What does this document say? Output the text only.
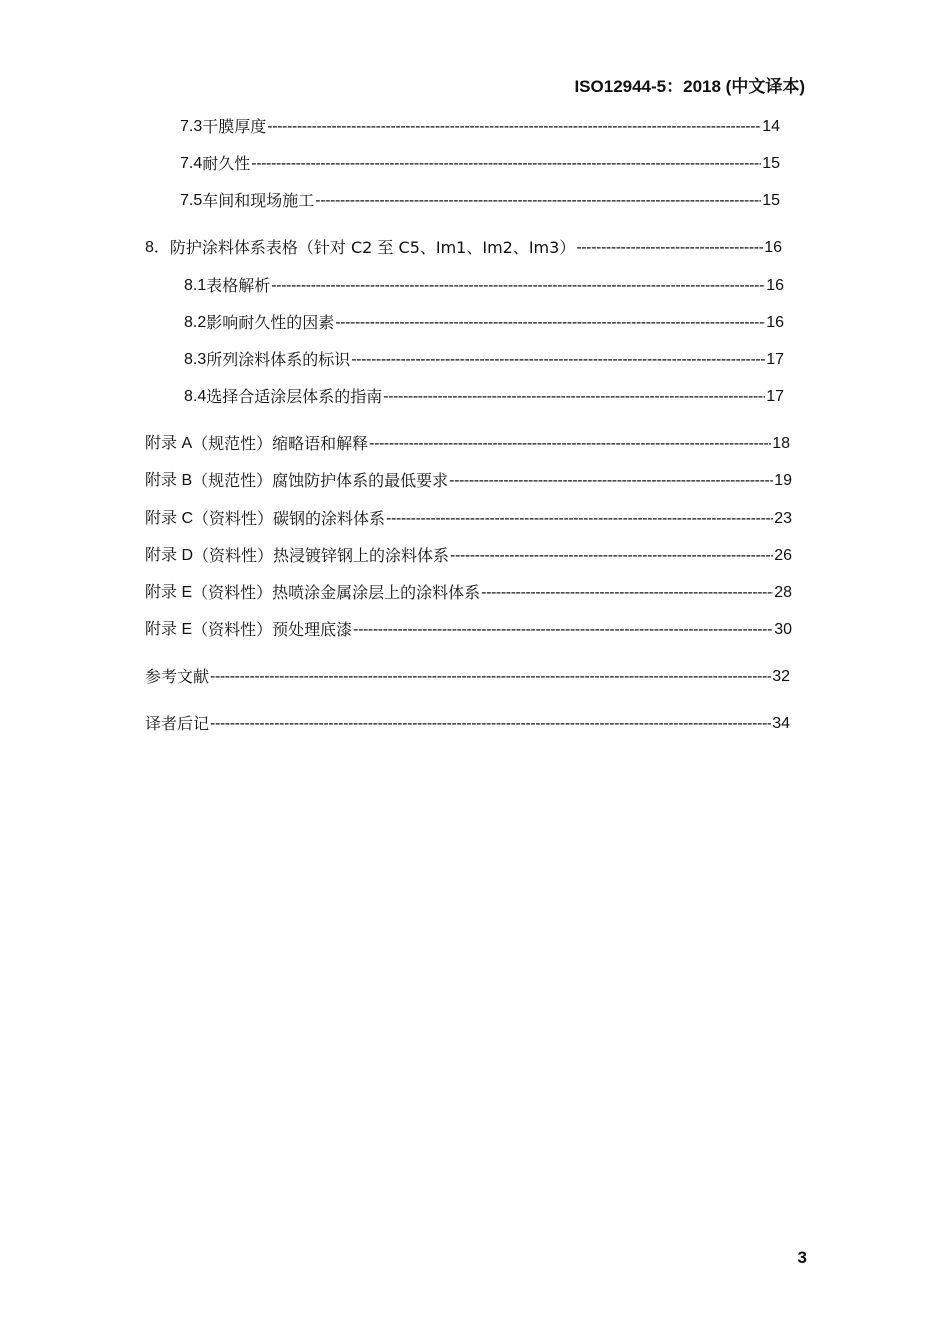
ISO12944-5：2018 (中文译本)
7.3 干膜厚度 -----	14
7.4 耐久性 -----	15
7.5 车间和现场施工 -----	15
8． 防护涂料体系表格（针对 C2 至 C5、Im1、Im2、Im3） -----	16
8.1 表格解析 -----	16
8.2 影响耐久性的因素 -----	16
8.3 所列涂料体系的标识 -----	17
8.4 选择合适涂层体系的指南 -----	17
附录 A （规范性）缩略语和解释 -----	18
附录 B （规范性）腐蚀防护体系的最低要求 -----	19
附录 C （资料性）碳钢的涂料体系 -----	23
附录 D （资料性）热浸镀锌钢上的涂料体系 -----	26
附录 E （资料性）热喷涂金属涂层上的涂料体系 -----	28
附录 E （资料性）预处理底漆 -----	30
参考文献 -----	32
译者后记 -----	34
3
